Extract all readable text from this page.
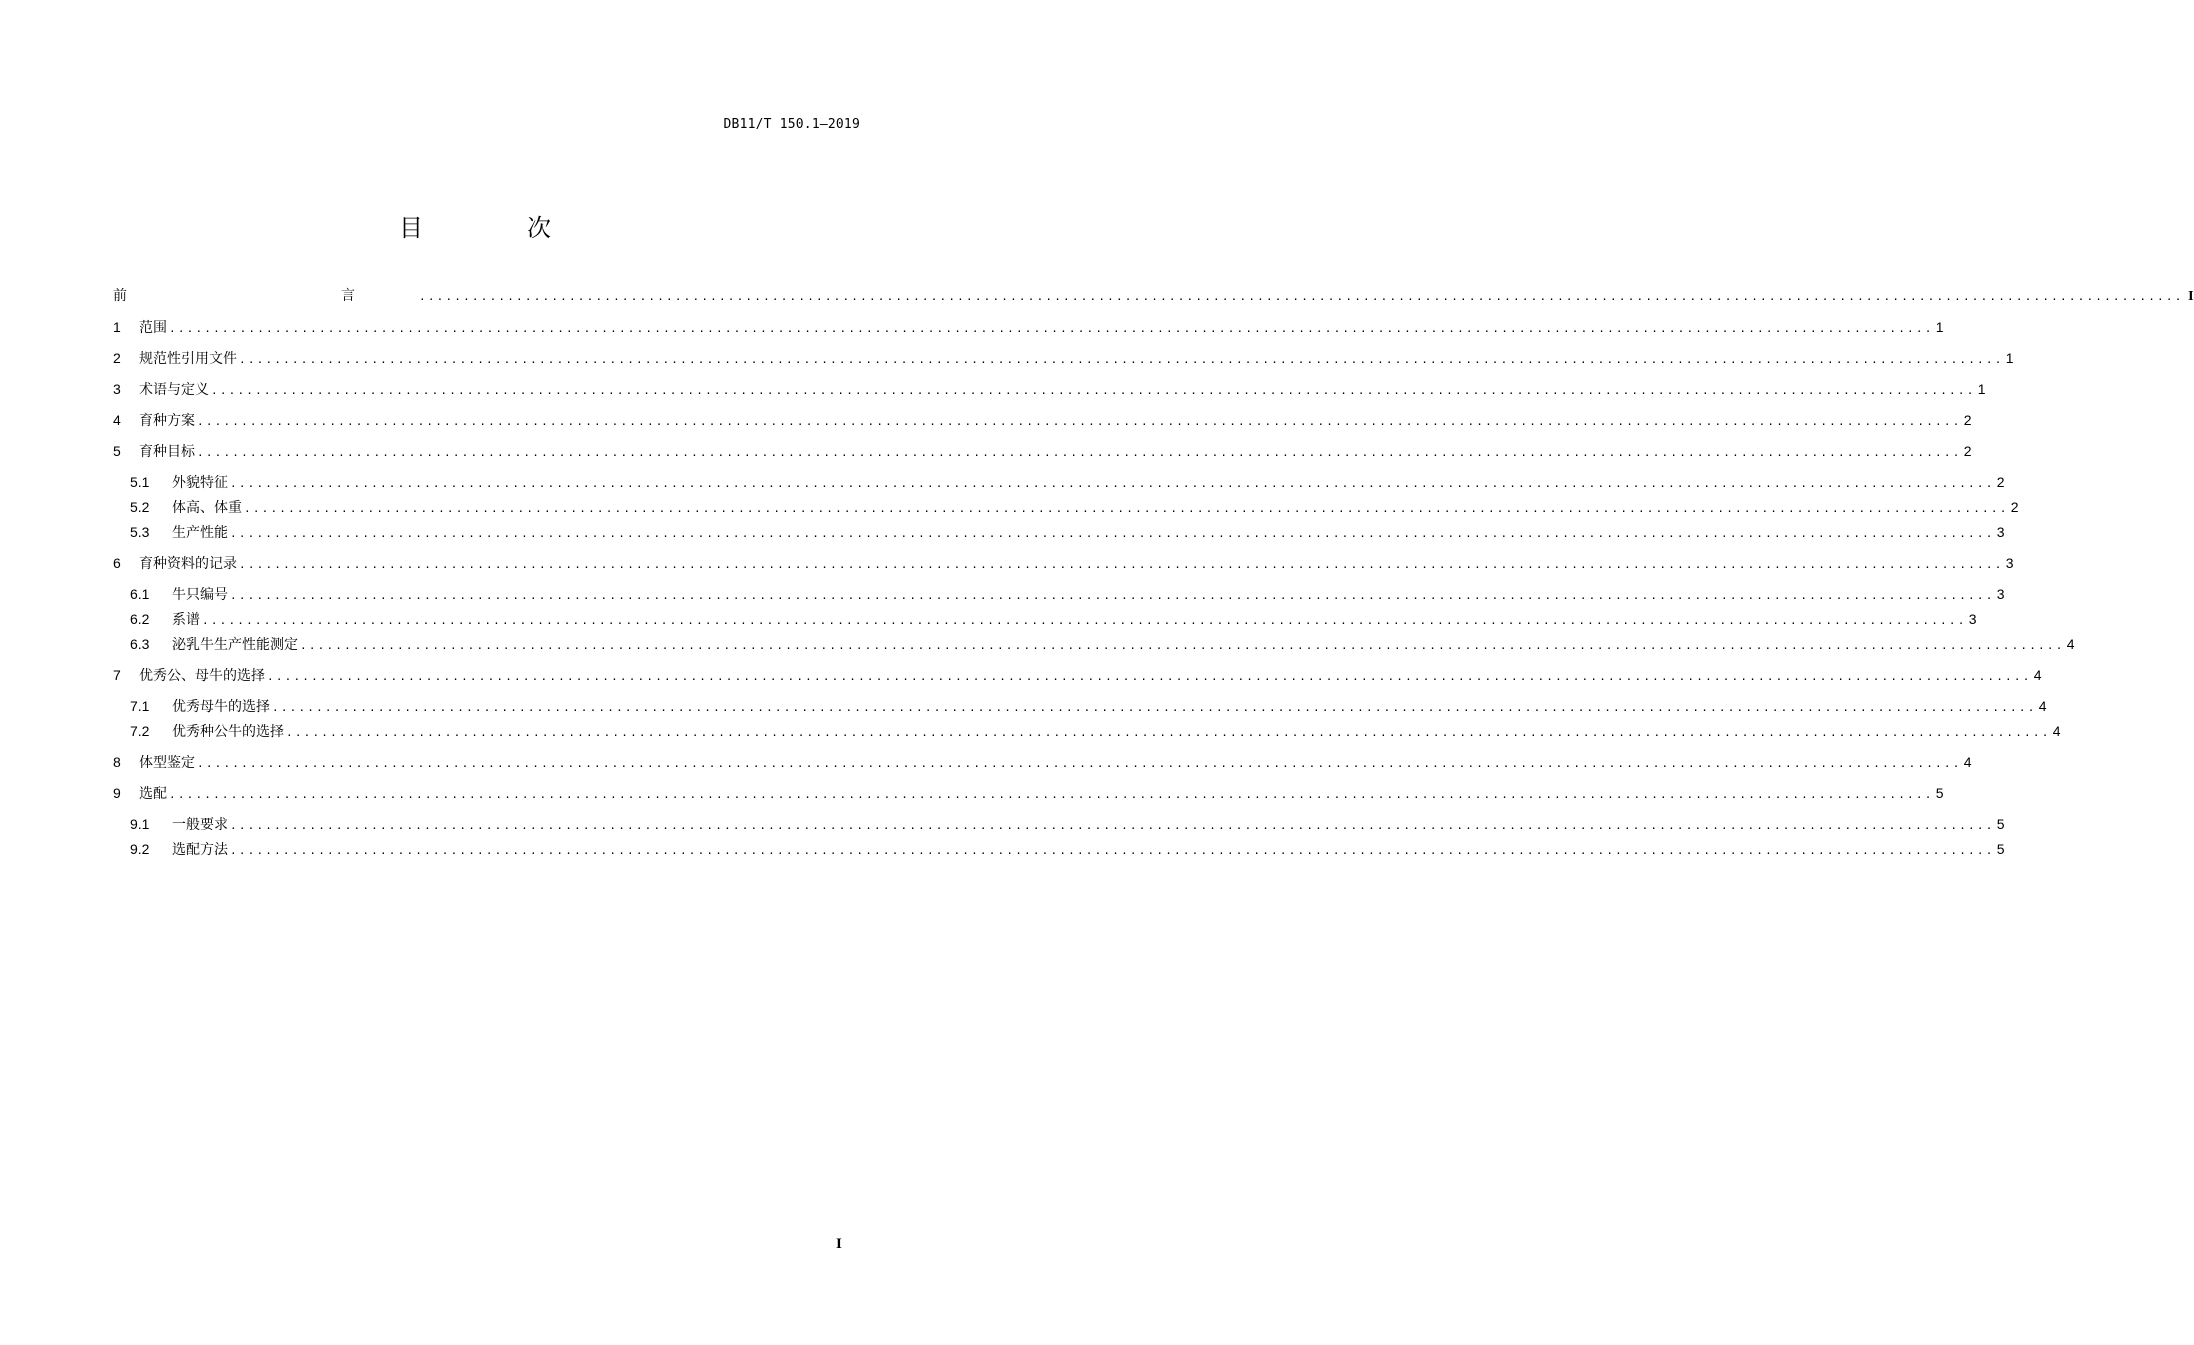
DB11/T 150.1—2019
目　次
前　　言 ........................................................................................................................................................................................................ I
1	范围 ........................................................................................................................................................................................................ 1
2	规范性引用文件 ........................................................................................................................................................................................................ 1
3	术语与定义 ........................................................................................................................................................................................................ 1
4	育种方案 ........................................................................................................................................................................................................ 2
5	育种目标 ........................................................................................................................................................................................................ 2
5.1	外貌特征 ........................................................................................................................................................................................................ 2
5.2	体高、体重 ........................................................................................................................................................................................................ 2
5.3	生产性能 ........................................................................................................................................................................................................ 3
6	育种资料的记录 ........................................................................................................................................................................................................ 3
6.1	牛只编号 ........................................................................................................................................................................................................ 3
6.2	系谱 ........................................................................................................................................................................................................ 3
6.3	泌乳牛生产性能测定 ........................................................................................................................................................................................................ 4
7	优秀公、母牛的选择 ........................................................................................................................................................................................................ 4
7.1	优秀母牛的选择 ........................................................................................................................................................................................................ 4
7.2	优秀种公牛的选择 ........................................................................................................................................................................................................ 4
8	体型鉴定 ........................................................................................................................................................................................................ 4
9	选配 ........................................................................................................................................................................................................ 5
9.1	一般要求 ........................................................................................................................................................................................................ 5
9.2	选配方法 ........................................................................................................................................................................................................ 5
I
